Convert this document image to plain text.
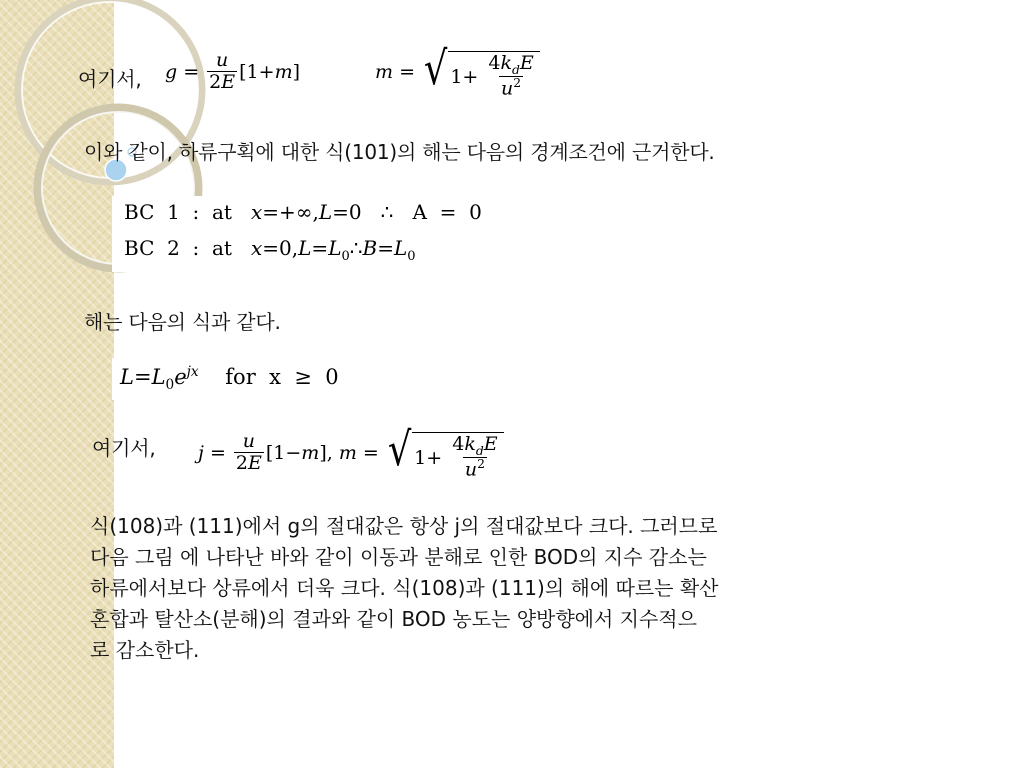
여기서, $g = \frac{u}{2E} [1+ m$ ]	m = √ $1+ \frac{4k_dE}{u^2}$
이와 같이, 하류구획에 대한 식(101)의 해는 다음의 경계조건에 근거한다.
BC  1  :  at   x=+∞,L=0   ∴   A  =  0
BC  2  :  at   $x=0,L=L_0\therefore B=L_0$
해는 다음의 식과 같다.
$L=L_0e^{jx}$    for  x  ≥  0
여기서, $j = \frac{u}{2E} [1- m$ ], m = √ $1+ \frac{4k_dE}{u^2}$
식(108)과 (111)에서 g의 절대값은 항상 j의 절대값보다 크다. 그러므로
다음 그림 에 나타난 바와 같이 이동과 분해로 인한 BOD의 지수 감소는
하류에서보다 상류에서 더욱 크다. 식(108)과 (111)의 해에 따르는 확산
혼합과 탈산소(분해)의 결과와 같이 BOD 농도는 양방향에서 지수적으
로 감소한다.
